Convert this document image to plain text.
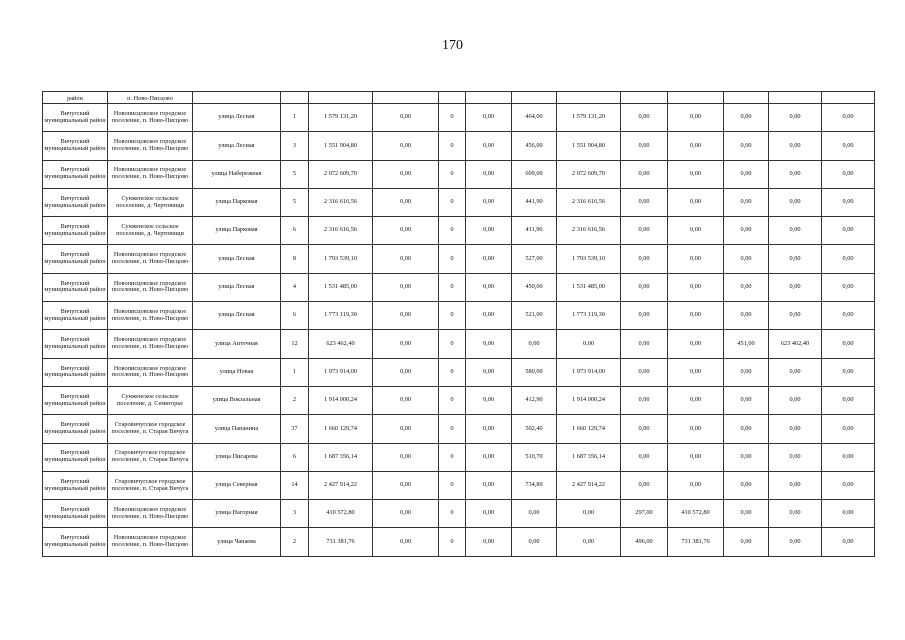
170
район	п. Ново-Писцово													
Вичугский муниципальный район	Новописцовское городское поселение, п. Ново-Писцово	улица Лесная	1	1 579 131,20	0,00	0	0,00	464,00	1 579 131,20	0,00	0,00	0,00	0,00	0,00
Вичугский муниципальный район	Новописцовское городское поселение, п. Ново-Писцово	улица Лесная	3	1 551 904,80	0,00	0	0,00	456,00	1 551 904,80	0,00	0,00	0,00	0,00	0,00
Вичугский муниципальный район	Новописцовское городское поселение, п. Ново-Писцово	улица Набережная	5	2 072 609,70	0,00	0	0,00	609,00	2 072 609,70	0,00	0,00	0,00	0,00	0,00
Вичугский муниципальный район	Сунженское сельское поселение, д. Чертовищи	улица Парковая	5	2 316 616,56	0,00	0	0,00	441,90	2 316 616,56	0,00	0,00	0,00	0,00	0,00
Вичугский муниципальный район	Сунженское сельское поселение, д. Чертовищи	улица Парковая	6	2 316 616,56	0,00	0	0,00	411,90	2 316 616,56	0,00	0,00	0,00	0,00	0,00
Вичугский муниципальный район	Новописцовское городское поселение, п. Ново-Писцово	улица Лесная	8	1 793 539,10	0,00	0	0,00	527,00	1 793 539,10	0,00	0,00	0,00	0,00	0,00
Вичугский муниципальный район	Новописцовское городское поселение, п. Ново-Писцово	улица Лесная	4	1 531 485,00	0,00	0	0,00	450,00	1 531 485,00	0,00	0,00	0,00	0,00	0,00
Вичугский муниципальный район	Новописцовское городское поселение, п. Ново-Писцово	улица Лесная	6	1 773 119,30	0,00	0	0,00	521,00	1 773 119,30	0,00	0,00	0,00	0,00	0,00
Вичугский муниципальный район	Новописцовское городское поселение, п. Ново-Писцово	улица Аптечная	12	623 462,40	0,00	0	0,00	0,00	0,00	0,00	0,00	451,00	623 462,40	0,00
Вичугский муниципальный район	Новописцовское городское поселение, п. Ново-Писцово	улица Новая	1	1 973 914,00	0,00	0	0,00	580,00	1 973 914,00	0,00	0,00	0,00	0,00	0,00
Вичугский муниципальный район	Сунженское сельское поселение, д. Семигорье	улица Вокзальная	2	1 914 000,24	0,00	0	0,00	412,90	1 914 000,24	0,00	0,00	0,00	0,00	0,00
Вичугский муниципальный район	Старовичугское городское поселение, п. Старая Вичуга	улица Папанина	37	1 660 129,74	0,00	0	0,00	502,40	1 660 129,74	0,00	0,00	0,00	0,00	0,00
Вичугский муниципальный район	Старовичугское городское поселение, п. Старая Вичуга	улица Писарева	6	1 687 356,14	0,00	0	0,00	510,70	1 687 356,14	0,00	0,00	0,00	0,00	0,00
Вичугский муниципальный район	Старовичугское городское поселение, п. Старая Вичуга	улица Северная	14	2 427 914,22	0,00	0	0,00	734,80	2 427 914,22	0,00	0,00	0,00	0,00	0,00
Вичугский муниципальный район	Новописцовское городское поселение, п. Ново-Писцово	улица Нагорная	3	410 572,80	0,00	0	0,00	0,00	0,00	297,00	410 572,80	0,00	0,00	0,00
Вичугский муниципальный район	Новописцовское городское поселение, п. Ново-Писцово	улица Чапаева	2	731 381,76	0,00	0	0,00	0,00	0,00	496,00	731 381,76	0,00	0,00	0,00
